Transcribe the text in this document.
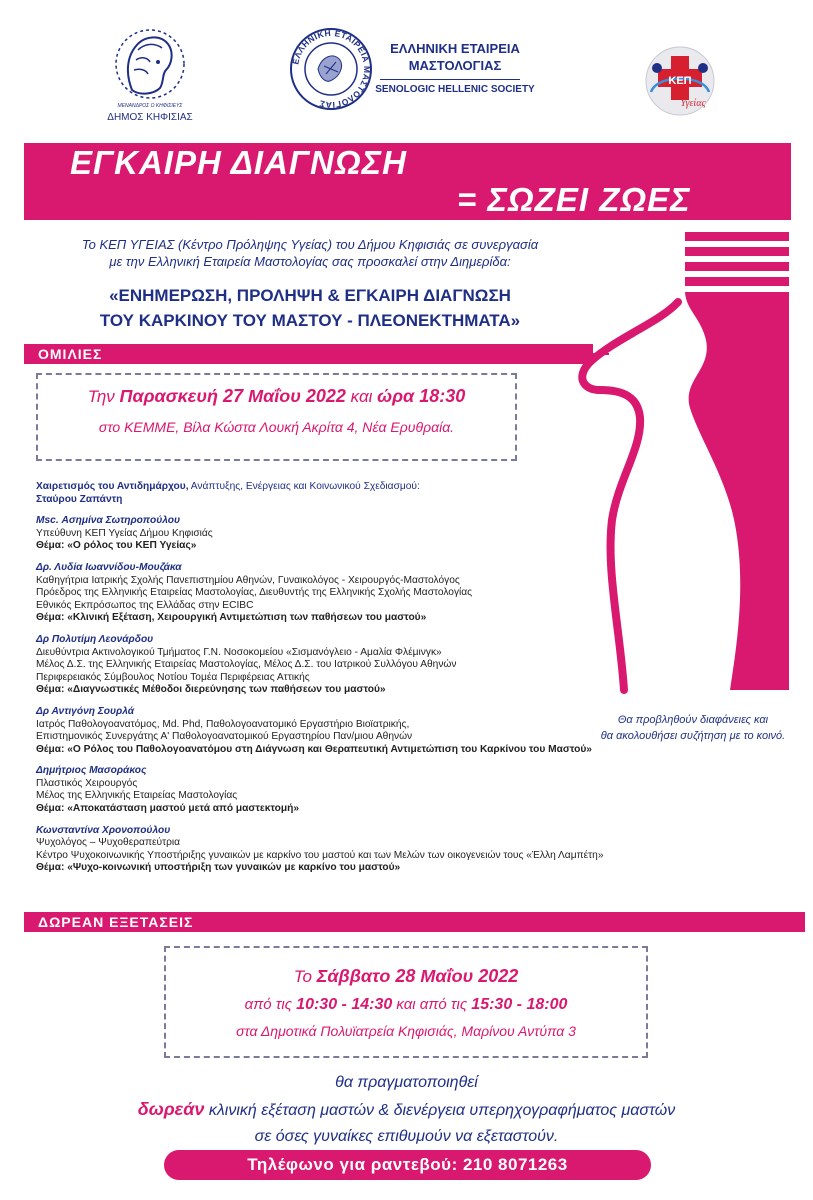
ΜΕΝΑΝΔΡΟΣ Ο ΚΗΦΙΣΙΕΥΣ
ΔΗΜΟΣ ΚΗΦΙΣΙΑΣ
ΕΛΛΗΝΙΚΗ ΕΤΑΙΡΕΙΑ ΜΑΣΤΟΛΟΓΙΑΣ
ΕΛΛΗΝΙΚΗ ΕΤΑΙΡΕΙΑ ΜΑΣΤΟΛΟΓΙΑΣ
SENOLOGIC HELLENIC SOCIETY
ΚΕΠ
Υγείας
ΕΓΚΑΙΡΗ ΔΙΑΓΝΩΣΗ
= ΣΩΖΕΙ ΖΩΕΣ
Το ΚΕΠ ΥΓΕΙΑΣ (Κέντρο Πρόληψης Υγείας) του Δήμου Κηφισιάς σε συνεργασία
με την Ελληνική Εταιρεία Μαστολογίας σας προσκαλεί στην Διημερίδα:
«ΕΝΗΜΕΡΩΣΗ, ΠΡΟΛΗΨΗ & ΕΓΚΑΙΡΗ ΔΙΑΓΝΩΣΗ
ΤΟΥ ΚΑΡΚΙΝΟΥ ΤΟΥ ΜΑΣΤΟΥ - ΠΛΕΟΝΕΚΤΗΜΑΤΑ»
ΟΜΙΛΙΕΣ
Την Παρασκευή 27 Μαΐου 2022 και ώρα 18:30
στο ΚΕΜΜΕ, Βίλα Κώστα Λουκή Ακρίτα 4, Νέα Ερυθραία.
Χαιρετισμός του Αντιδημάρχου, Ανάπτυξης, Ενέργειας και Κοινωνικού Σχεδιασμού:
Σταύρου Ζαπάντη
Msc. Ασημίνα Σωτηροπούλου
Υπεύθυνη ΚΕΠ Υγείας Δήμου Κηφισιάς
Θέμα: «Ο ρόλος του ΚΕΠ Υγείας»
Δρ. Λυδία Ιωαννίδου-Μουζάκα
Καθηγήτρια Ιατρικής Σχολής Πανεπιστημίου Αθηνών, Γυναικολόγος - Χειρουργός-Μαστολόγος
Πρόεδρος της Ελληνικής Εταιρείας Μαστολογίας, Διευθυντής της Ελληνικής Σχολής Μαστολογίας
Εθνικός Εκπρόσωπος της Ελλάδας στην ECIBC
Θέμα: «Κλινική Εξέταση, Χειρουργική Αντιμετώπιση των παθήσεων του μαστού»
Δρ Πολυτίμη Λεονάρδου
Διευθύντρια Ακτινολογικού Τμήματος Γ.Ν. Νοσοκομείου «Σισμανόγλειο - Αμαλία Φλέμινγκ»
Μέλος Δ.Σ. της Ελληνικής Εταιρείας Μαστολογίας, Μέλος Δ.Σ. του Ιατρικού Συλλόγου Αθηνών
Περιφερειακός Σύμβουλος Νοτίου Τομέα Περιφέρειας Αττικής
Θέμα: «Διαγνωστικές Μέθοδοι διερεύνησης των παθήσεων του μαστού»
Δρ Αντιγόνη Σουρλά
Ιατρός Παθολογοανατόμος, Md. Phd, Παθολογοανατομικό Εργαστήριο Βιοϊατρικής,
Επιστημονικός Συνεργάτης Α' Παθολογοανατομικού Εργαστηρίου Παν/μιου Αθηνών
Θέμα: «Ο Ρόλος του Παθολογοανατόμου στη Διάγνωση και Θεραπευτική Αντιμετώπιση του Καρκίνου του Μαστού»
Δημήτριος Μασοράκος
Πλαστικός Χειρουργός
Μέλος της Ελληνικής Εταιρείας Μαστολογίας
Θέμα: «Αποκατάσταση μαστού μετά από μαστεκτομή»
Κωνσταντίνα Χρονοπούλου
Ψυχολόγος – Ψυχοθεραπεύτρια
Κέντρο Ψυχοκοινωνικής Υποστήριξης γυναικών με καρκίνο του μαστού και των Μελών των οικογενειών τους «Έλλη Λαμπέτη»
Θέμα: «Ψυχο-κοινωνική υποστήριξη των γυναικών με καρκίνο του μαστού»
Θα προβληθούν διαφάνειες και
θα ακολουθήσει συζήτηση με το κοινό.
ΔΩΡΕΑΝ ΕΞΕΤΑΣΕΙΣ
Το Σάββατο 28 Μαΐου 2022
από τις 10:30 - 14:30 και από τις 15:30 - 18:00
στα Δημοτικά Πολυϊατρεία Κηφισιάς, Μαρίνου Αντύπα 3
θα πραγματοποιηθεί
δωρεάν κλινική εξέταση μαστών & διενέργεια υπερηχογραφήματος μαστών
σε όσες γυναίκες επιθυμούν να εξεταστούν.
Τηλέφωνο για ραντεβού: 210 8071263
